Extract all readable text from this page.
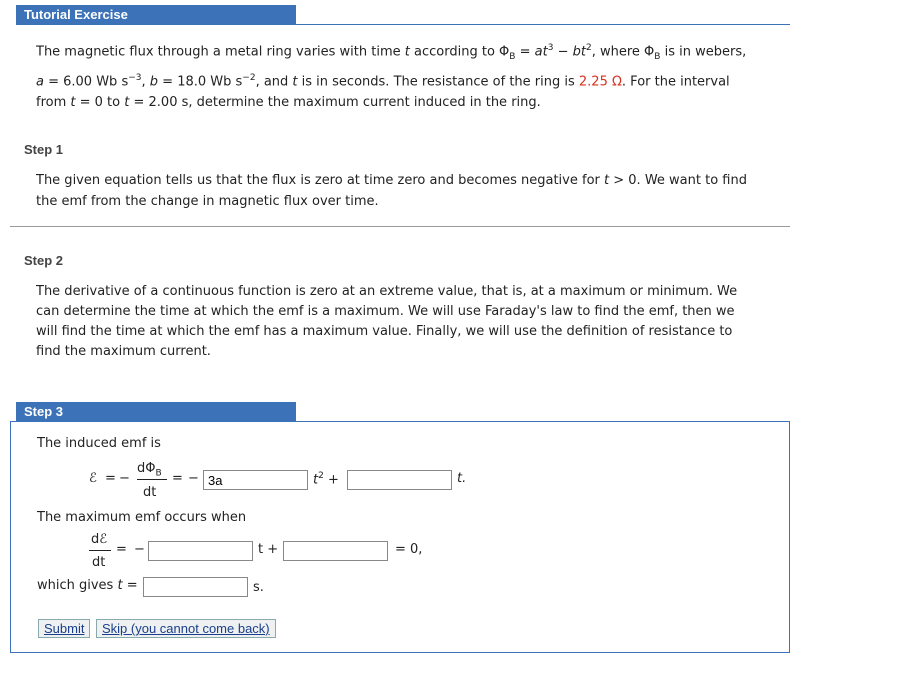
Tutorial Exercise
The magnetic flux through a metal ring varies with time t according to $\Phi_B = at^3 - bt^2$, where $\Phi_B$ is in webers,
a = 6.00 Wb $s^{-3}$, b = 18.0 Wb $s^{-2}$, and t is in seconds. The resistance of the ring is 2.25 Ω. For the interval
from t = 0 to t = 2.00 s, determine the maximum current induced in the ring.
Step 1
The given equation tells us that the flux is zero at time zero and becomes negative for t > 0. We want to find
the emf from the change in magnetic flux over time.
Step 2
The derivative of a continuous function is zero at an extreme value, that is, at a maximum or minimum. We
can determine the time at which the emf is a maximum. We will use Faraday's law to find the emf, then we
will find the time at which the emf has a maximum value. Finally, we will use the definition of resistance to
find the maximum current.
Step 3
The induced emf is
ℰ = −
$d\Phi_B$
dt
= −
3a	$t^2$ +	t.
The maximum emf occurs when
dℰ
dt
= −	t +	= 0,
which gives t =	s.
Submit	Skip (you cannot come back)
